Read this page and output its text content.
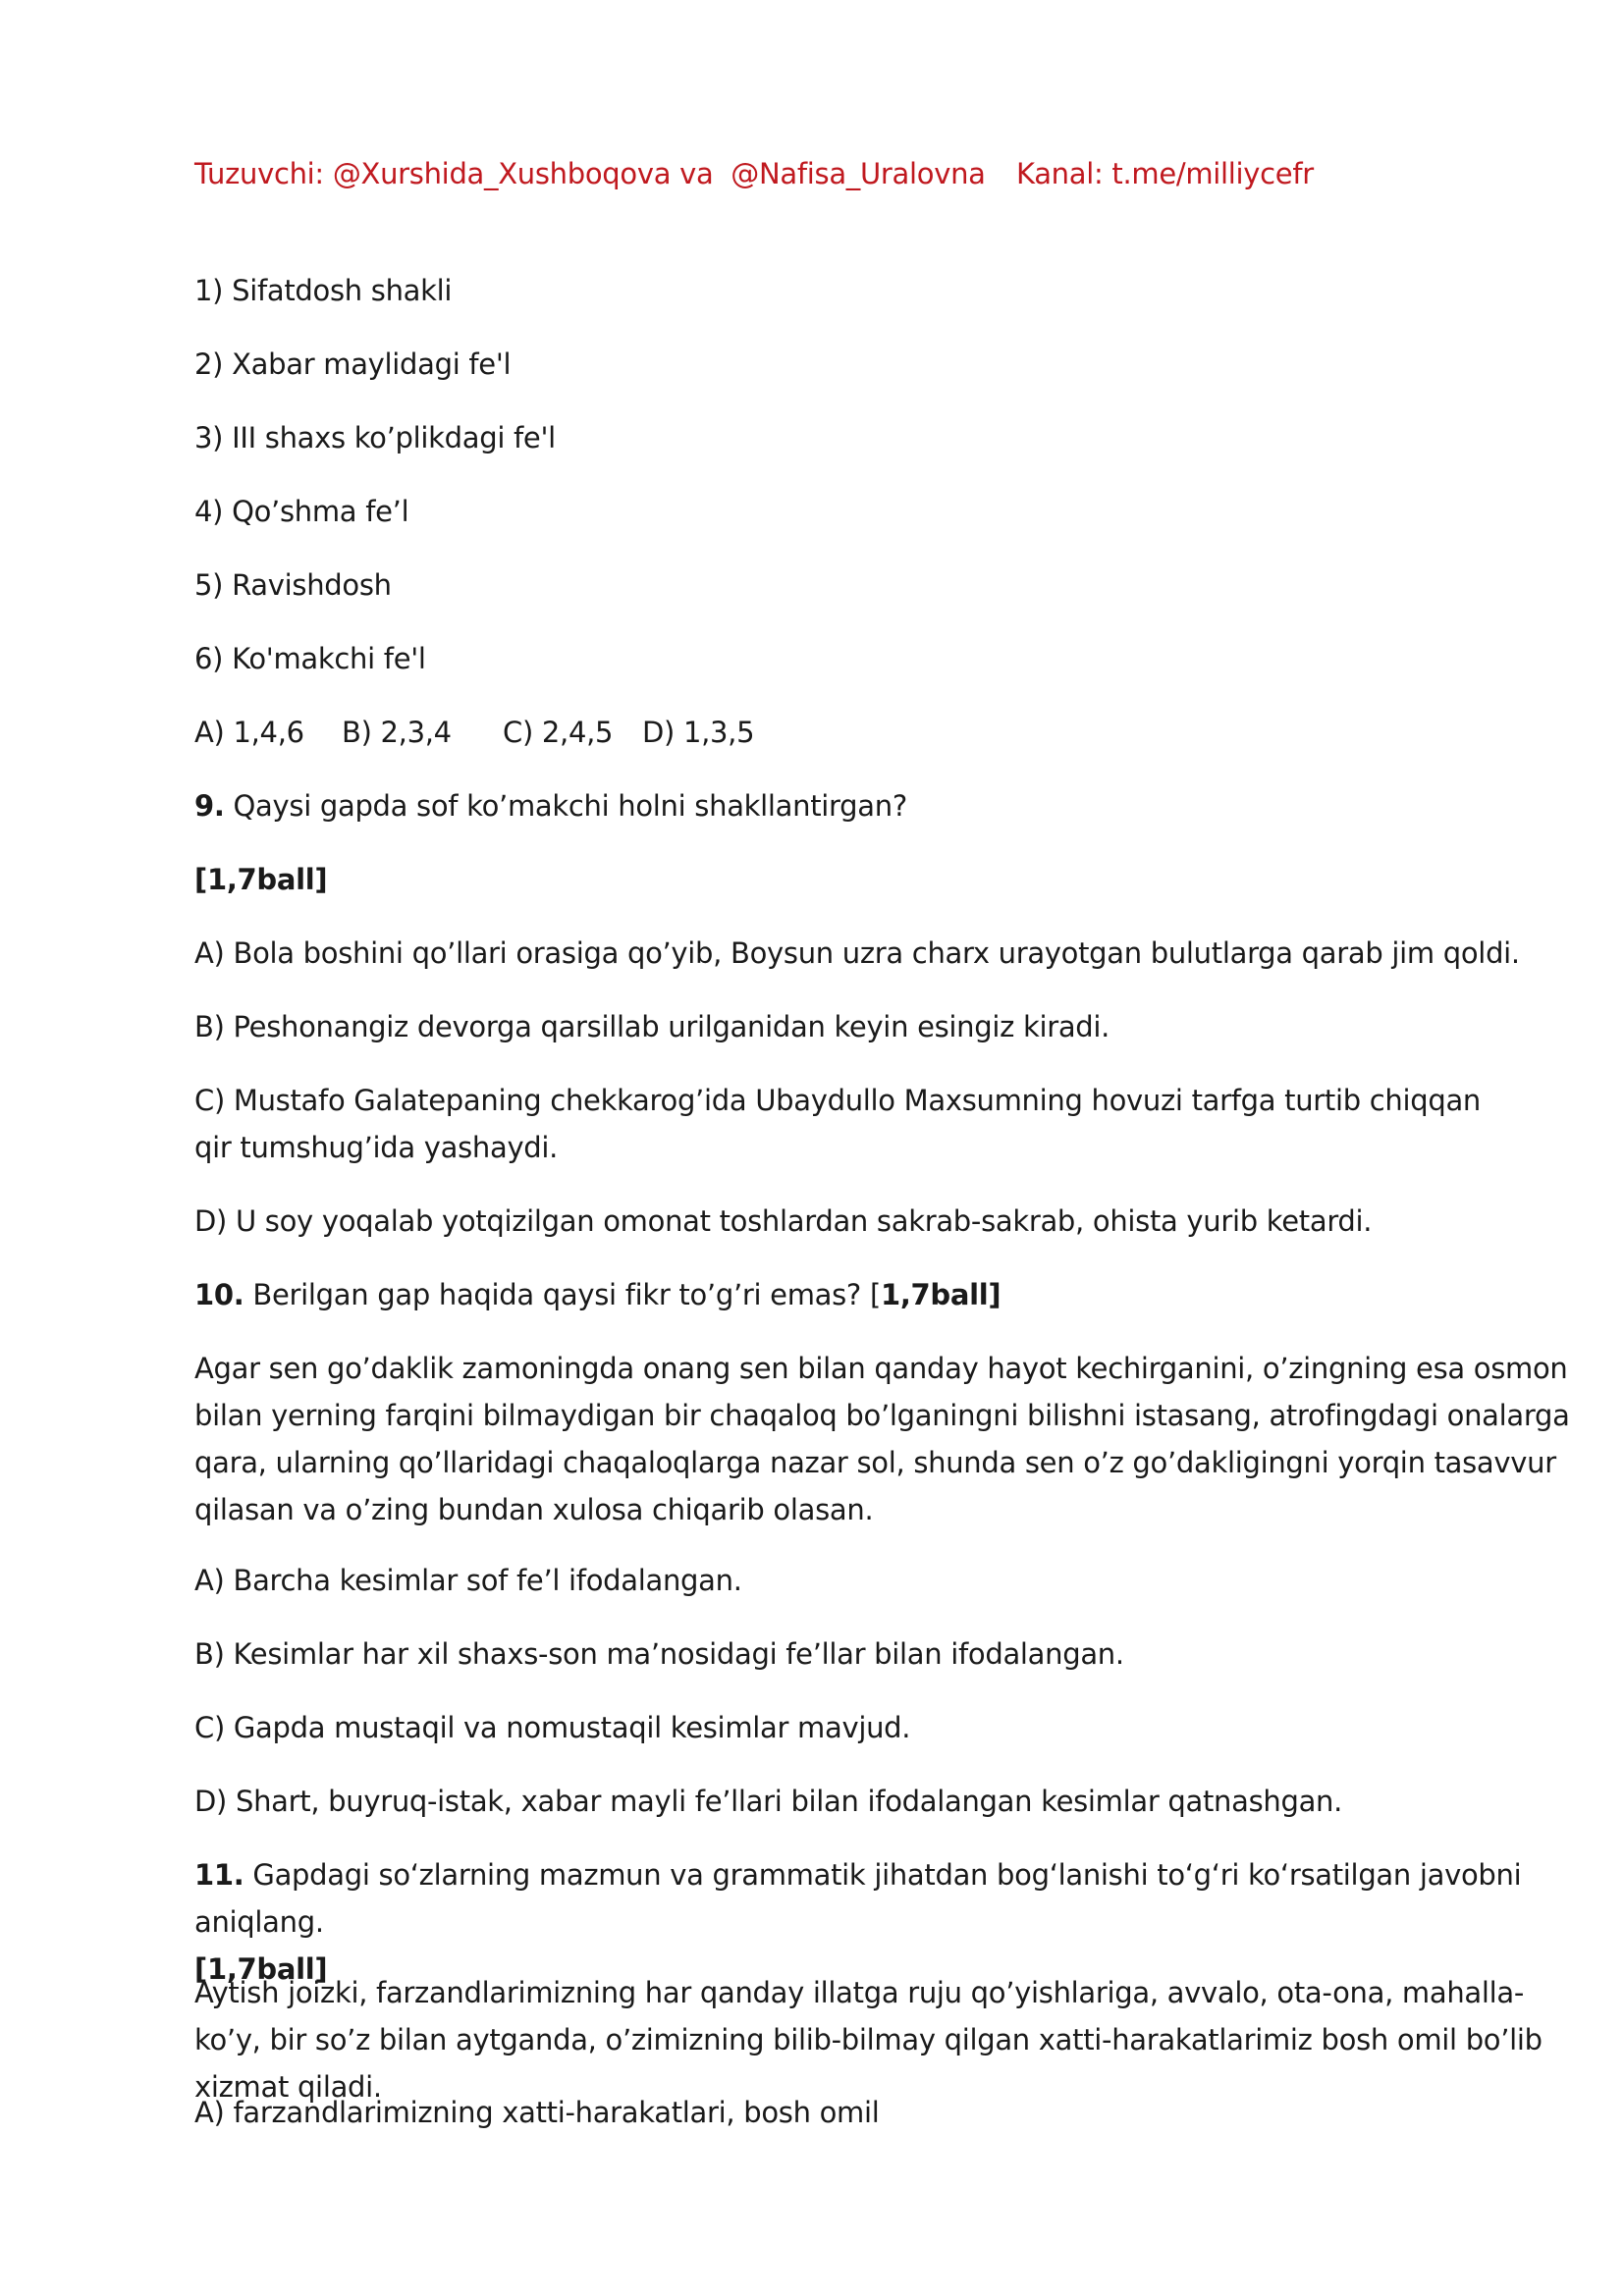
Tuzuvchi: @Xurshida_Xushboqova va  @Nafisa_Uralovna

Kanal: t.me/milliycefr

1) Sifatdosh shakli
2) Xabar maylidagi fe'l
3) III shaxs ko’plikdagi fe'l
4) Qo’shma fe’l
5) Ravishdosh
6) Ko'makchi fe'l
A) 1,4,6 B) 2,3,4 C) 2,4,5 D) 1,3,5
9. Qaysi gapda sof ko’makchi holni shakllantirgan?
[1,7ball]
A) Bola boshini qo’llari orasiga qo’yib, Boysun uzra charx urayotgan bulutlarga qarab jim qoldi.
B) Peshonangiz devorga qarsillab urilganidan keyin esingiz kiradi.
C) Mustafo Galatepaning chekkarog’ida Ubaydullo Maxsumning hovuzi tarfga turtib chiqqan qir tumshug’ida yashaydi.
D) U soy yoqalab yotqizilgan omonat toshlardan sakrab-sakrab, ohista yurib ketardi.
10. Berilgan gap haqida qaysi fikr to’g’ri emas? [1,7ball]
Agar sen go’daklik zamoningda onang sen bilan qanday hayot kechirganini, o’zingning esa osmon bilan yerning farqini bilmaydigan bir chaqaloq bo’lganingni bilishni istasang, atrofingdagi onalarga qara, ularning qo’llaridagi chaqaloqlarga nazar sol, shunda sen o’z go’dakligingni yorqin tasavvur qilasan va o’zing bundan xulosa chiqarib olasan.
A) Barcha kesimlar sof fe’l ifodalangan.
B) Kesimlar har xil shaxs-son ma’nosidagi fe’llar bilan ifodalangan.
C) Gapda mustaqil va nomustaqil kesimlar mavjud.
D) Shart, buyruq-istak, xabar mayli fe’llari bilan ifodalangan kesimlar qatnashgan.
11. Gapdagi so‘zlarning mazmun va grammatik jihatdan bog‘lanishi to‘g‘ri ko‘rsatilgan javobni aniqlang.
[1,7ball]
Aytish joizki, farzandlarimizning har qanday illatga ruju qo’yishlariga, avvalo, ota-ona, mahalla-ko’y, bir so’z bilan aytganda, o’zimizning bilib-bilmay qilgan xatti-harakatlarimiz bosh omil bo’lib xizmat qiladi.
A) farzandlarimizning xatti-harakatlari, bosh omil
